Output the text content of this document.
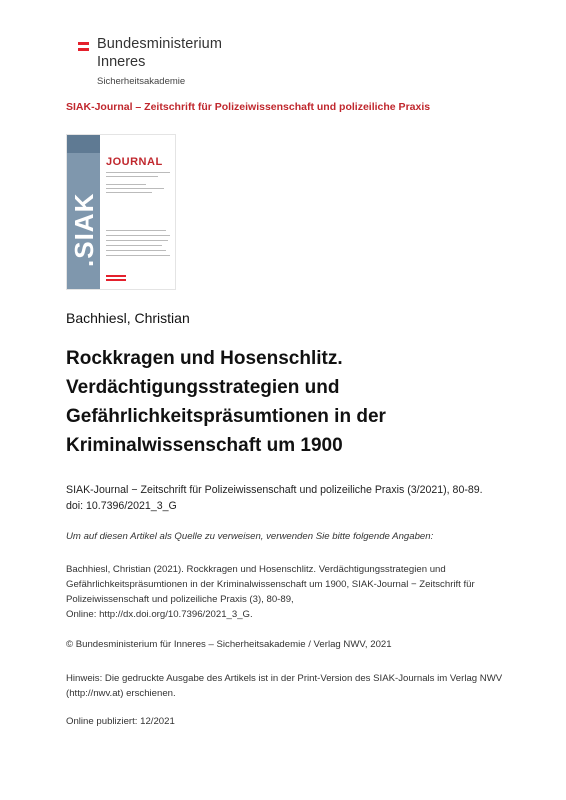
Bundesministerium
Inneres
Sicherheitsakademie
SIAK-Journal – Zeitschrift für Polizeiwissenschaft und polizeiliche Praxis
.SIAK
JOURNAL
Bachhiesl, Christian
Rockkragen und Hosenschlitz.
Verdächtigungsstrategien und
Gefährlichkeitspräsumtionen in der
Kriminalwissenschaft um 1900
SIAK-Journal − Zeitschrift für Polizeiwissenschaft und polizeiliche Praxis (3/2021), 80-89.
doi: 10.7396/2021_3_G
Um auf diesen Artikel als Quelle zu verweisen, verwenden Sie bitte folgende Angaben:
Bachhiesl, Christian (2021). Rockkragen und Hosenschlitz. Verdächtigungsstrategien und
Gefährlichkeitspräsumtionen in der Kriminalwissenschaft um 1900, SIAK-Journal − Zeitschrift für
Polizeiwissenschaft und polizeiliche Praxis (3), 80-89,
Online: http://dx.doi.org/10.7396/2021_3_G.
© Bundesministerium für Inneres – Sicherheitsakademie / Verlag NWV, 2021
Hinweis: Die gedruckte Ausgabe des Artikels ist in der Print-Version des SIAK-Journals im Verlag NWV
(http://nwv.at) erschienen.
Online publiziert: 12/2021
